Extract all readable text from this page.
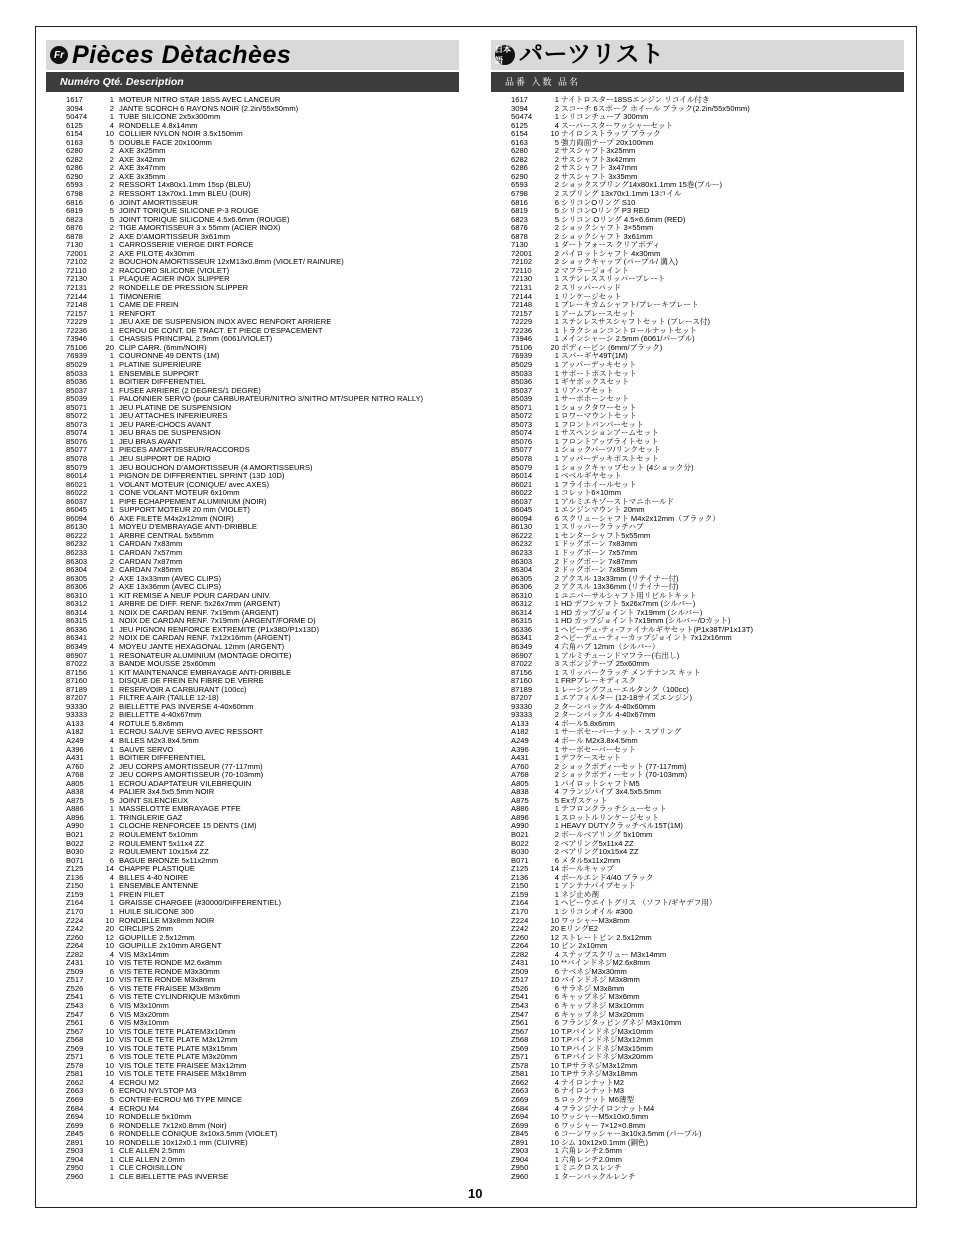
Fr Pièces Dètachèes
Numéro Qté. Description
1617	1 MOTEUR NITRO STAR 18SS AVEC LANCEUR
3094	2 JANTE SCORCH 6 RAYONS NOIR (2.2in/55x50mm)
50474	1 TUBE SILICONE 2x5x300mm
6125	4 RONDELLE 4.8x14mm
6154	10 COLLIER NYLON NOIR 3.5x150mm
6163	5 DOUBLE FACE 20x100mm
6280	2 AXE 3x25mm
6282	2 AXE 3x42mm
6286	2 AXE 3x47mm
6290	2 AXE 3x35mm
6593	2 RESSORT 14x80x1.1mm 15sp (BLEU)
6798	2 RESSORT 13x70x1.1mm BLEU (DUR)
6816	6 JOINT AMORTISSEUR
6819	5 JOINT TORIQUE SILICONE P-3 ROUGE
6823	5 JOINT TORIQUE SILICONE 4.5x6.6mm (ROUGE)
6876	2 TIGE AMORTISSEUR 3 x 55mm (ACIER INOX)
6878	2 AXE D'AMORTISSEUR 3x61mm
7130	1 CARROSSERIE VIERGE DIRT FORCE
72001	2 AXE PILOTE 4x30mm
72102	2 BOUCHON AMORTISSEUR 12xM13x0.8mm (VIOLET/ RAINURE)
72110	2 RACCORD SILICONE (VIOLET)
72130	1 PLAQUE ACIER INOX SLIPPER
72131	2 RONDELLE DE PRESSION SLIPPER
72144	1 TIMONERIE
72148	1 CAME DE FREIN
72157	1 RENFORT
72229	1 JEU AXE DE SUSPENSION INOX AVEC RENFORT ARRIERE
72236	1 ECROU DE CONT. DE TRACT. ET PIECE D'ESPACEMENT
73946	1 CHASSIS PRINCIPAL 2.5mm (6061/VIOLET)
75106	20 CLIP CARR. (6mm/NOIR)
76939	1 COURONNE 49 DENTS (1M)
85029	1 PLATINE SUPERIEURE
85033	1 ENSEMBLE SUPPORT
85036	1 BOITIER DIFFERENTIEL
85037	1 FUSEE ARRIERE (2 DEGRES/1 DEGRE)
85039	1 PALONNIER SERVO (pour CARBURATEUR/NITRO 3/NITRO MT/SUPER NITRO RALLY)
85071	1 JEU PLATINE DE SUSPENSION
85072	1 JEU ATTACHES INFERIEURES
85073	1 JEU PARE-CHOCS AVANT
85074	1 JEU BRAS DE SUSPENSION
85076	1 JEU BRAS AVANT
85077	1 PIECES AMORTISSEUR/RACCORDS
85078	1 JEU SUPPORT DE RADIO
85079	1 JEU BOUCHON D'AMORTISSEUR (4 AMORTISSEURS)
86014	1 PIGNON DE DIFFERENTIEL SPRINT (13D 10D)
86021	1 VOLANT MOTEUR (CONIQUE/ avec AXES)
86022	1 CONE VOLANT MOTEUR 6x10mm
86037	1 PIPE ECHAPPEMENT ALUMINIUM (NOIR)
86045	1 SUPPORT MOTEUR 20 mm (VIOLET)
86094	6 AXE FILETE M4x2x12mm (NOIR)
86130	1 MOYEU D'EMBRAYAGE ANTI-DRIBBLE
86222	1 ARBRE CENTRAL 5x55mm
86232	1 CARDAN 7x83mm
86233	1 CARDAN 7x57mm
86303	2 CARDAN 7x87mm
86304	2 CARDAN 7x85mm
86305	2 AXE 13x33mm (AVEC CLIPS)
86306	2 AXE 13x36mm (AVEC CLIPS)
86310	1 KIT REMISE A NEUF POUR CARDAN UNIV.
86312	1 ARBRE DE DIFF. RENF. 5x26x7mm (ARGENT)
86314	1 NOIX DE CARDAN RENF. 7x19mm (ARGENT)
86315	1 NOIX DE CARDAN RENF. 7x19mm (ARGENT/FORME D)
86336	1 JEU PIGNON RENFORCE EXTREMITE (P1x38D/P1x13D)
86341	2 NOIX DE CARDAN RENF. 7x12x16mm (ARGENT)
86349	4 MOYEU JANTE HEXAGONAL 12mm (ARGENT)
86907	1 RESONATEUR ALUMINIUM (MONTAGE DROITE)
87022	3 BANDE MOUSSE 25x60mm
87156	1 KIT MAINTENANCE EMBRAYAGE ANTI-DRIBBLE
87160	1 DISQUE DE FREIN EN FIBRE DE VERRE
87189	1 RESERVOIR A CARBURANT (100cc)
87207	1 FILTRE A AIR (TAILLE 12-18)
93330	2 BIELLETTE PAS INVERSE 4-40x60mm
93333	2 BIELLETTE 4-40x67mm
A133	4 ROTULE 5.8x6mm
A182	1 ECROU SAUVE SERVO AVEC RESSORT
A249	4 BILLES M2x3.8x4.5mm
A396	1 SAUVE SERVO
A431	1 BOITIER DIFFERENTIEL
A760	2 JEU CORPS AMORTISSEUR (77-117mm)
A768	2 JEU CORPS AMORTISSEUR (70-103mm)
A805	1 ECROU ADAPTATEUR VILEBREQUIN
A838	4 PALIER 3x4.5x5.5mm NOIR
A875	5 JOINT SILENCIEUX
A886	1 MASSELOTTE EMBRAYAGE PTFE
A896	1 TRINGLERIE GAZ
A990	1 CLOCHE RENFORCEE 15 DENTS (1M)
B021	2 ROULEMENT 5x10mm
B022	2 ROULEMENT 5x11x4 ZZ
B030	2 ROULEMENT 10x15x4 ZZ
B071	6 BAGUE BRONZE 5x11x2mm
Z125	14 CHAPPE PLASTIQUE
Z136	4 BILLES 4-40 NOIRE
Z150	1 ENSEMBLE ANTENNE
Z159	1 FREIN FILET
Z164	1 GRAISSE CHARGEE (#30000/DIFFERENTIEL)
Z170	1 HUILE SILICONE 300
Z224	10 RONDELLE M3x8mm NOIR
Z242	20 CIRCLIPS 2mm
Z260	12 GOUPILLE 2.5x12mm
Z264	10 GOUPILLE 2x10mm ARGENT
Z282	4 VIS M3x14mm
Z431	10 VIS TETE RONDE M2.6x8mm
Z509	6 VIS TETE RONDE M3x30mm
Z517	10 VIS TETE RONDE M3x8mm
Z526	6 VIS TETE FRAISEE M3x8mm
Z541	6 VIS TETE CYLINDRIQUE M3x6mm
Z543	6 VIS M3x10mm
Z547	6 VIS M3x20mm
Z561	6 VIS M3x10mm
Z567	10 VIS TOLE TETE PLATEM3x10mm
Z568	10 VIS TOLE TETE PLATE M3x12mm
Z569	10 VIS TOLE TETE PLATE M3x15mm
Z571	6 VIS TOLE TETE PLATE M3x20mm
Z578	10 VIS TOLE TETE FRAISEE M3x12mm
Z581	10 VIS TOLE TETE FRAISEE M3x18mm
Z662	4 ECROU M2
Z663	6 ECROU NYLSTOP M3
Z669	5 CONTRE-ECROU M6 TYPE MINCE
Z684	4 ECROU M4
Z694	10 RONDELLE 5x10mm
Z699	6 RONDELLE 7x12x0.8mm (Noir)
Z845	6 RONDELLE CONIQUE 3x10x3.5mm (VIOLET)
Z891	10 RONDELLE 10x12x0.1 mm (CUIVRE)
Z903	1 CLE ALLEN 2.5mm
Z904	1 CLE ALLEN 2.0mm
Z950	1 CLE CROISILLON
Z960	1 CLE BIELLETTE PAS INVERSE
日本語 パーツリスト
品番 入数 品名
1617	1 ナイトロスター18SSエンジン リコイル付き
3094	2 スコーチ 6スポーク ホイール ブラック(2.2in/55x50mm)
50474	1 シリコンチューブ 300mm
6125	4 スーパースターワッシャーセット
6154	10 ナイロンストラップ ブラック
6163	5 強力両面テープ 20x100mm
6280	2 サスシャフト3x25mm
6282	2 サスシャフト3x42mm
6286	2 サスシャフト 3x47mm
6290	2 サスシャフト 3x35mm
6593	2 ショックスプリング14x80x1.1mm 15巻(ブルー)
6798	2 スプリング 13x70x1.1mm 13コイル
6816	6 シリコンOリング S10
6819	5 シリコンOリング P3 RED
6823	5 シリコン Oリング 4.5×6.6mm (RED)
6876	2 ショックシャフト 3×55mm
6878	2 ショックシャフト 3x61mm
7130	1 ダートフォース クリアボディ
72001	2 パイロットシャフト 4x30mm
72102	2 ショックキャップ (パープル/ 溝入)
72110	2 マフラージョイント
72130	1 ステンレススリッパープレート
72131	2 スリッパーパッド
72144	1 リンケージセット
72148	1 ブレーキカムシャフト/ブレーキプレート
72157	1 アームブレースセット
72229	1 ステンレスサスシャフトセット (ブレース付)
72236	1 トラクションコントロールナットセット
73946	1 メインシャーシ 2.5mm (6061/パープル)
75106	20 ボディーピン (6mm/ブラック)
76939	1 スパーギヤ49T(1M)
85029	1 アッパーデッキセット
85033	1 サポートポストセット
85036	1 ギヤボックスセット
85037	1 リアハブセット
85039	1 サーボホーンセット
85071	1 ショックタワーセット
85072	1 ロワーマウントセット
85073	1 フロントバンパーセット
85074	1 サスペンションアームセット
85076	1 フロントアップライトセット
85077	1 ショックパーツ/リンクセット
85078	1 アッパーデッキポストセット
85079	1 ショックキャップセット (4ショック分)
86014	1 ベベルギヤセット
86021	1 フライホイールセット
86022	1 コレット6×10mm
86037	1 アルミエキゾーストマニホールド
86045	1 エンジンマウント 20mm
86094	6 スクリューシャフト M4x2x12mm（ブラック）
86130	1 スリッパークラッチハブ
86222	1 センターシャフト5x55mm
86232	1 ドッグボーン 7x83mm
86233	1 ドッグボーン 7x57mm
86303	2 ドッグボーン 7x87mm
86304	2 ドッグボーン 7x85mm
86305	2 アクスル 13x33mm (リテイナー付)
86306	2 アクスル 13x36mm (リテイナー付)
86310	1 ユニバーサルシャフト用リビルトキット
86312	1 HD デフシャフト 5x26x7mm (シルバー)
86314	1 HD カップジョイント 7x19mm (シルバー)
86315	1 HD カップジョイント7x19mm (シルバー/Dカット)
86336	1 ヘビーデュ-ティ-ファイナルギヤセット(P1x38T/P1x13T)
86341	2 ヘビーデューティーカップジョイント 7x12x16mm
86349	4 六角ハブ 12mm（シルバー）
86907	1 アルミチューンドマフラー(右出し)
87022	3 スポンジテープ 25x60mm
87156	1 スリッパークラッチ メンテナンス キット
87160	1 FRPブレーキディスク
87189	1 レーシングフューエルタンク（100cc)
87207	1 エアフィルター (12-18サイズエンジン)
93330	2 ターンバックル 4-40x60mm
93333	2 ターンバックル 4-40x67mm
A133	4 ボール5.8x6mm
A182	1 サーボセーバーナット・スプリング
A249	4 ボール M2x3.8x4.5mm
A396	1 サーボセーバーセット
A431	1 デフケースセット
A760	2 ショックボディーセット (77-117mm)
A768	2 ショックボディーセット (70-103mm)
A805	1 パイロットシャフトM5
A838	4 フランジパイプ 3x4.5x5.5mm
A875	5 Exガスケット
A886	1 テフロンクラッチシューセット
A896	1 スロットルリンケージセット
A990	1 HEAVY DUTYクラッチベル15T(1M)
B021	2 ボールベアリング 5x10mm
B022	2 ベアリング5x11x4 ZZ
B030	2 ベアリング10x15x4 ZZ
B071	6 メタル5x11x2mm
Z125	14 ボールキャップ
Z136	4 ボールエンド4/40 ブラック
Z150	1 アンテナパイプセット
Z159	1 ネジ止め剤
Z164	1 ヘビーウエイトグリス （ソフト/ギヤデフ用）
Z170	1 シリコンオイル #300
Z224	10 ワッシャーM3x8mm
Z242	20 EリングE2
Z260	12 ストレートピン 2.5x12mm
Z264	10 ピン 2x10mm
Z282	4 ステップスクリュー M3x14mm
Z431	10 **バインドネジM2.6x8mm
Z509	6 ナベネジM3x30mm
Z517	10 バインドネジ M3x8mm
Z526	6 サラネジ M3x8mm
Z541	6 キャップネジ M3x6mm
Z543	6 キャップネジ M3x10mm
Z547	6 キャップネジ M3x20mm
Z561	6 フランジタッピングネジ M3x10mm
Z567	10 T.PバインドネジM3x10mm
Z568	10 T.PバインドネジM3x12mm
Z569	10 T.PバインドネジM3x15mm
Z571	6 T.PバインドネジM3x20mm
Z578	10 T.PサラネジM3x12mm
Z581	10 T.PサラネジM3x18mm
Z662	4 ナイロンナットM2
Z663	6 ナイロンナットM3
Z669	5 ロックナット M6薄型
Z684	4 フランジナイロンナットM4
Z694	10 ワッシャーM5x10x0.5mm
Z699	6 ワッシャー 7×12×0.8mm
Z845	6 コーンワッシャー3x10x3.5mm (パープル)
Z891	10 シム 10x12x0.1mm (銅色)
Z903	1 六角レンチ2.5mm
Z904	1 六角レンチ2.0mm
Z950	1 ミニクロスレンチ
Z960	1 ターンバックルレンチ
10
